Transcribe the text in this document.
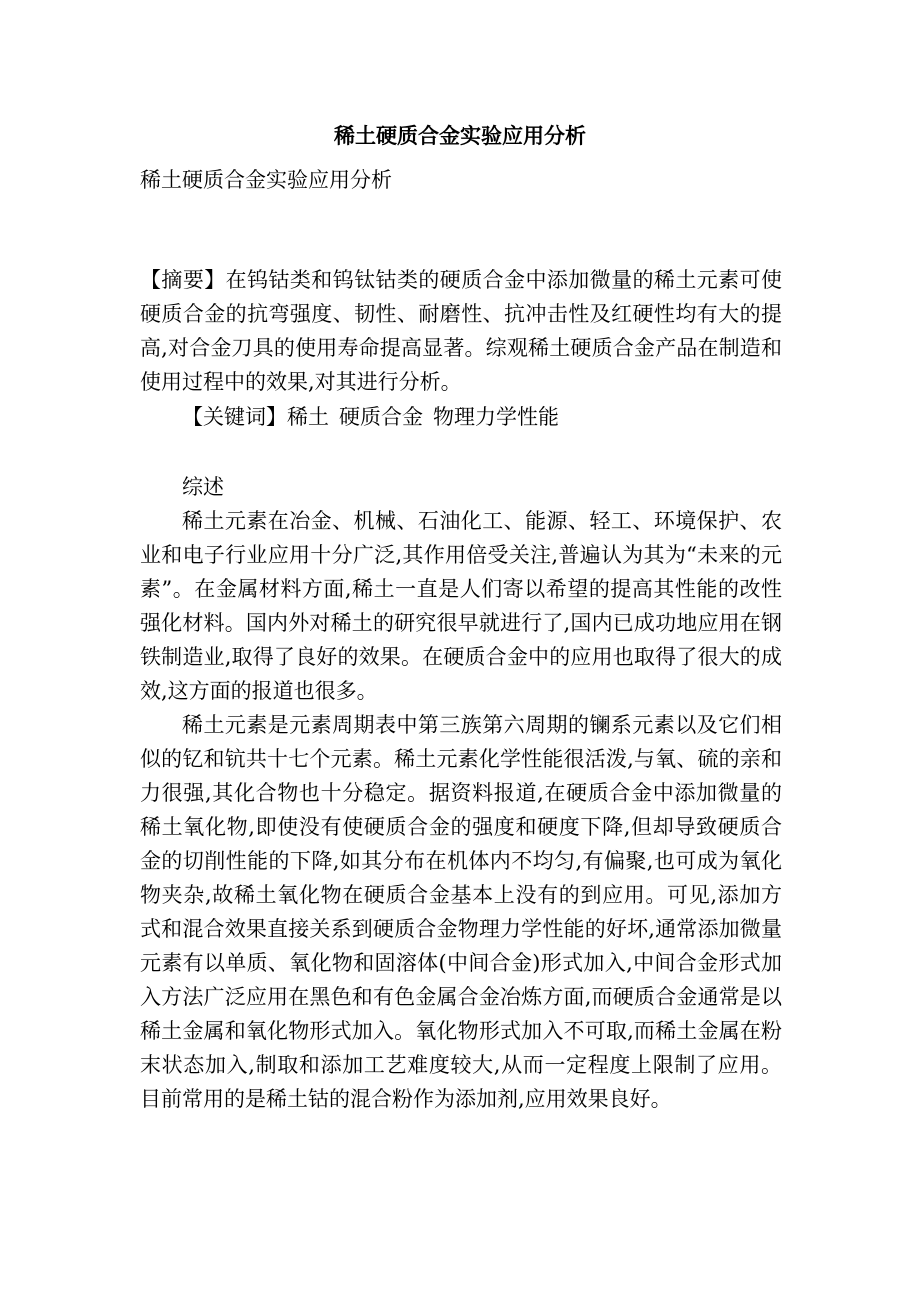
稀土硬质合金实验应用分析

稀土硬质合金实验应用分析

【摘要】在钨钴类和钨钛钴类的硬质合金中添加微量的稀土元素可使硬质合金的抗弯强度、韧性、耐磨性、抗冲击性及红硬性均有大的提高,对合金刀具的使用寿命提高显著。综观稀土硬质合金产品在制造和使用过程中的效果,对其进行分析。

【关键词】稀土 硬质合金 物理力学性能

综述

稀土元素在冶金、机械、石油化工、能源、轻工、环境保护、农业和电子行业应用十分广泛,其作用倍受关注,普遍认为其为“未来的元素”。在金属材料方面,稀土一直是人们寄以希望的提高其性能的改性强化材料。国内外对稀土的研究很早就进行了,国内已成功地应用在钢铁制造业,取得了良好的效果。在硬质合金中的应用也取得了很大的成效,这方面的报道也很多。

稀土元素是元素周期表中第三族第六周期的镧系元素以及它们相似的钇和钪共十七个元素。稀土元素化学性能很活泼,与氧、硫的亲和力很强,其化合物也十分稳定。据资料报道,在硬质合金中添加微量的稀土氧化物,即使没有使硬质合金的强度和硬度下降,但却导致硬质合金的切削性能的下降,如其分布在机体内不均匀,有偏聚,也可成为氧化物夹杂,故稀土氧化物在硬质合金基本上没有的到应用。可见,添加方式和混合效果直接关系到硬质合金物理力学性能的好坏,通常添加微量元素有以单质、氧化物和固溶体(中间合金)形式加入,中间合金形式加入方法广泛应用在黑色和有色金属合金冶炼方面,而硬质合金通常是以稀土金属和氧化物形式加入。氧化物形式加入不可取,而稀土金属在粉末状态加入,制取和添加工艺难度较大,从而一定程度上限制了应用。目前常用的是稀土钴的混合粉作为添加剂,应用效果良好。
